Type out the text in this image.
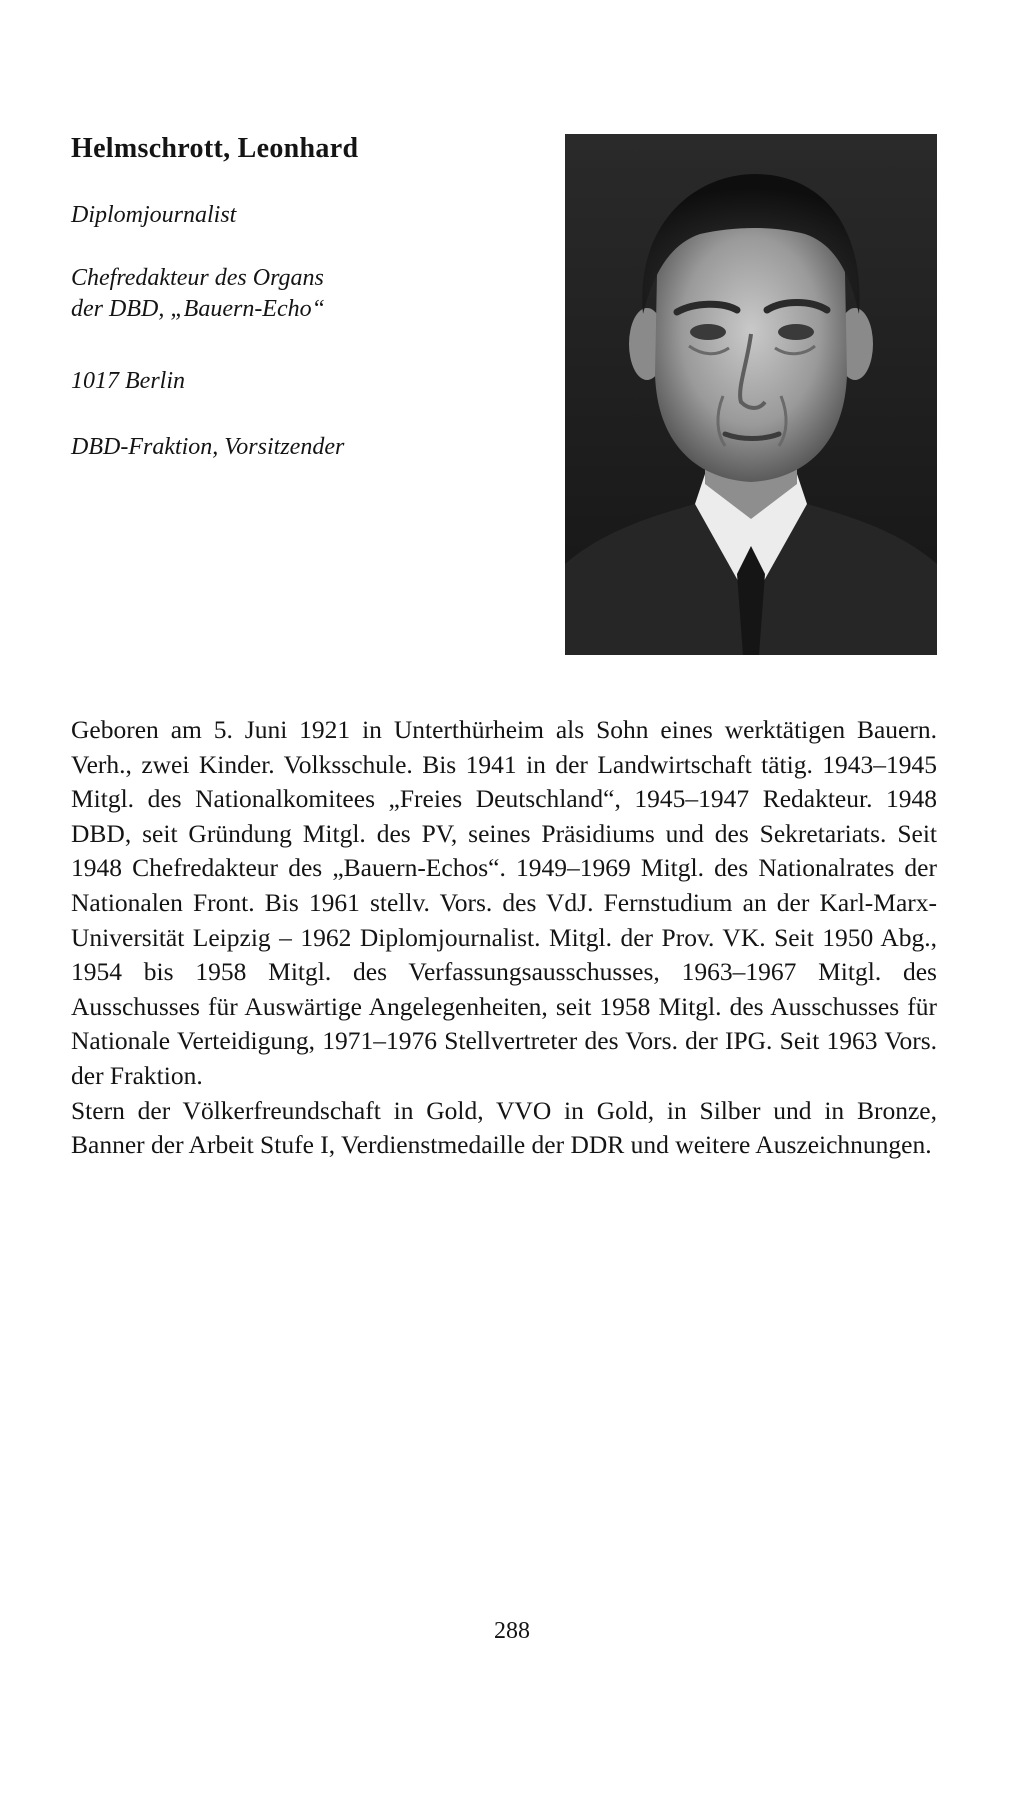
Helmschrott, Leonhard
Diplomjournalist
Chefredakteur des Organs
der DBD, „Bauern-Echo“
1017 Berlin
DBD-Fraktion, Vorsitzender

Geboren am 5. Juni 1921 in Unterthürheim als Sohn eines werktätigen Bauern. Verh., zwei Kinder. Volksschule. Bis 1941 in der Landwirtschaft tätig. 1943–1945 Mitgl. des Nationalkomitees „Freies Deutschland“, 1945–1947 Redakteur. 1948 DBD, seit Gründung Mitgl. des PV, seines Präsidiums und des Sekretariats. Seit 1948 Chefredakteur des „Bauern-Echos“. 1949–1969 Mitgl. des Nationalrates der Nationalen Front. Bis 1961 stellv. Vors. des VdJ. Fernstudium an der Karl-Marx-Universität Leipzig – 1962 Diplomjournalist. Mitgl. der Prov. VK. Seit 1950 Abg., 1954 bis 1958 Mitgl. des Verfassungsausschusses, 1963–1967 Mitgl. des Ausschusses für Auswärtige Angelegenheiten, seit 1958 Mitgl. des Ausschusses für Nationale Verteidigung, 1971–1976 Stellvertreter des Vors. der IPG. Seit 1963 Vors. der Fraktion.

Stern der Völkerfreundschaft in Gold, VVO in Gold, in Silber und in Bronze, Banner der Arbeit Stufe I, Verdienstmedaille der DDR und weitere Auszeichnungen.

288
